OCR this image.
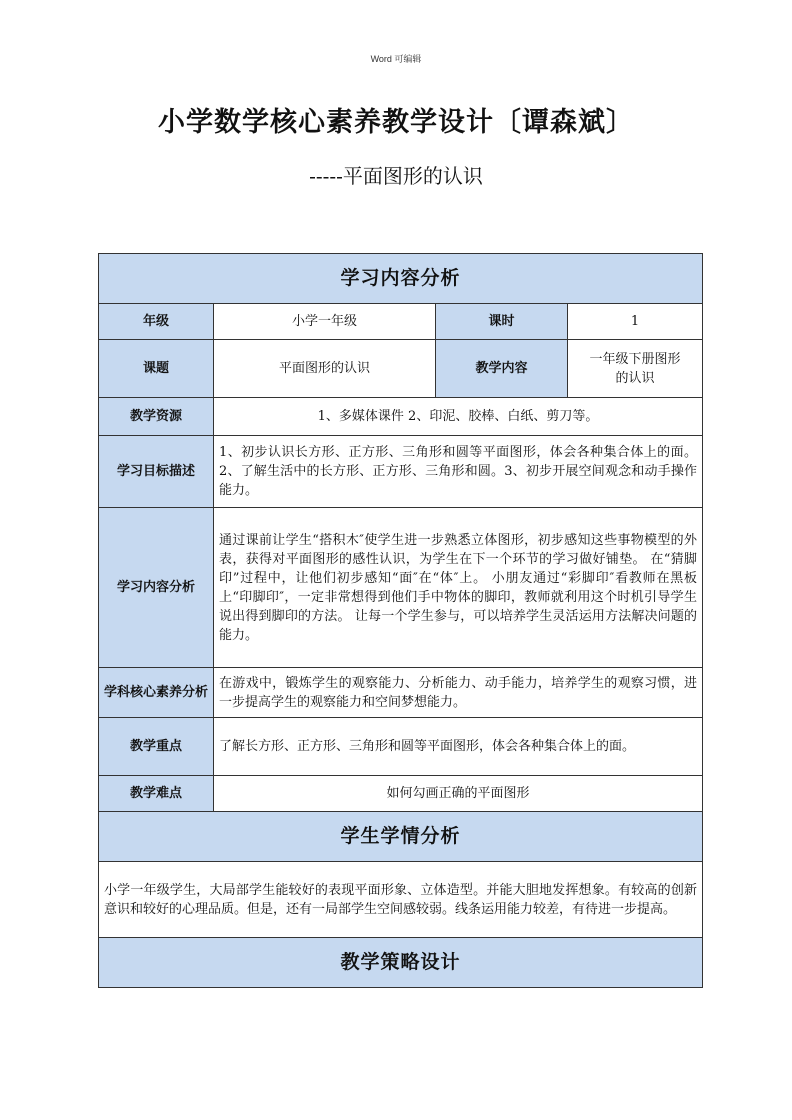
Word 可编辑
小学数学核心素养教学设计〔谭森斌〕
-----平面图形的认识
学习内容分析			
年级	小学一年级	课时	1
课题	平面图形的认识	教学内容	一年级下册图形的认识
教学资源	1、多媒体课件 2、印泥、胶棒、白纸、剪刀等。		
学习目标描述	1、初步认识长方形、正方形、三角形和圆等平面图形，体会各种集合体上的面。 2、了解生活中的长方形、正方形、三角形和圆。3、初步开展空间观念和动手操作能力。		
学习内容分析	通过课前让学生“搭积木″使学生进一步熟悉立体图形，初步感知这些事物模型的外表，获得对平面图形的感性认识，为学生在下一个环节的学习做好铺垫。 在“猜脚印”过程中，让他们初步感知“面″在“体″上。 小朋友通过“彩脚印″看教师在黑板上“印脚印″，一定非常想得到他们手中物体的脚印，教师就利用这个时机引导学生说出得到脚印的方法。 让每一个学生参与，可以培养学生灵活运用方法解决问题的能力。		
学科核心素养分析	在游戏中，锻炼学生的观察能力、分析能力、动手能力，培养学生的观察习惯，进一步提高学生的观察能力和空间梦想能力。		
教学重点	了解长方形、正方形、三角形和圆等平面图形，体会各种集合体上的面。		
教学难点	如何勾画正确的平面图形		
学生学情分析			
小学一年级学生，大局部学生能较好的表现平面形象、立体造型。并能大胆地发挥想象。有较高的创新意识和较好的心理品质。但是，还有一局部学生空间感较弱。线条运用能力较差，有待进一步提高。			
教学策略设计			
